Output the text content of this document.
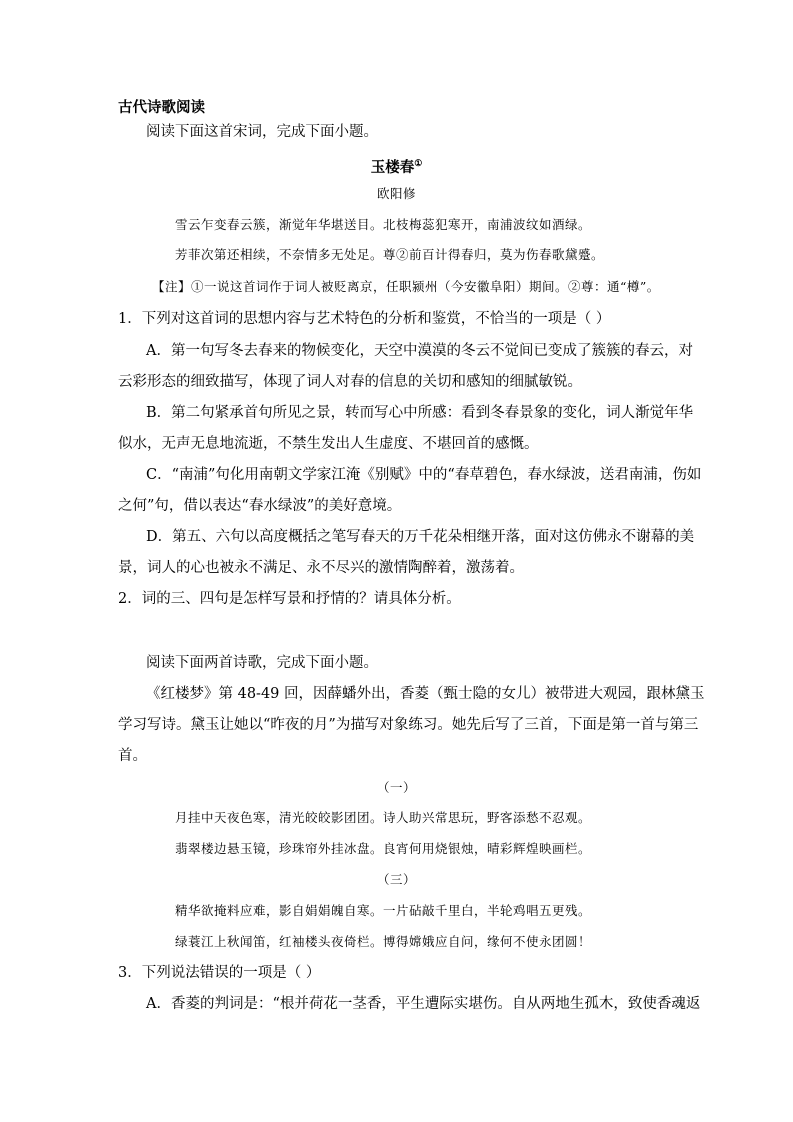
古代诗歌阅读
阅读下面这首宋词，完成下面小题。
玉楼春①
欧阳修
雪云乍变春云簇，渐觉年华堪送目。北枝梅蕊犯寒开，南浦波纹如酒绿。
芳菲次第还相续，不奈情多无处足。尊②前百计得春归，莫为伤春歌黛蹙。
【注】①一说这首词作于词人被贬离京，任职颍州（今安徽阜阳）期间。②尊：通“樽”。
1．下列对这首词的思想内容与艺术特色的分析和鉴赏，不恰当的一项是（ ）
A．第一句写冬去春来的物候变化，天空中漠漠的冬云不觉间已变成了簇簇的春云，对
云彩形态的细致描写，体现了词人对春的信息的关切和感知的细腻敏锐。
B．第二句紧承首句所见之景，转而写心中所感：看到冬春景象的变化，词人渐觉年华
似水，无声无息地流逝，不禁生发出人生虚度、不堪回首的感慨。
C．“南浦”句化用南朝文学家江淹《别赋》中的“春草碧色，春水绿波，送君南浦，伤如
之何”句，借以表达“春水绿波”的美好意境。
D．第五、六句以高度概括之笔写春天的万千花朵相继开落，面对这仿佛永不谢幕的美
景，词人的心也被永不满足、永不尽兴的激情陶醉着，激荡着。
2．词的三、四句是怎样写景和抒情的？请具体分析。
阅读下面两首诗歌，完成下面小题。
《红楼梦》第 48-49 回，因薛蟠外出，香菱（甄士隐的女儿）被带进大观园，跟林黛玉
学习写诗。黛玉让她以“昨夜的月”为描写对象练习。她先后写了三首，下面是第一首与第三
首。
（一）
月挂中天夜色寒，清光皎皎影团团。诗人助兴常思玩，野客添愁不忍观。
翡翠楼边悬玉镜，珍珠帘外挂冰盘。良宵何用烧银烛，晴彩辉煌映画栏。
（三）
精华欲掩料应难，影自娟娟魄自寒。一片砧敲千里白，半轮鸡唱五更残。
绿蓑江上秋闻笛，红袖楼头夜倚栏。博得嫦娥应自问，缘何不使永团圆！
3．下列说法错误的一项是（ ）
A．香菱的判词是：“根并荷花一茎香，平生遭际实堪伤。自从两地生孤木，致使香魂返
